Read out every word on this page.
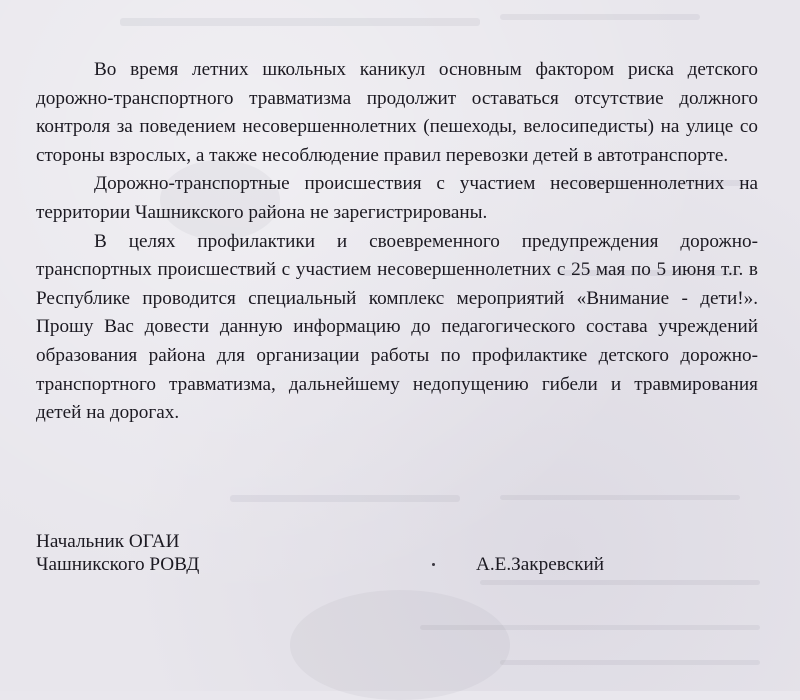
Во время летних школьных каникул основным фактором риска детского дорожно-транспортного травматизма продолжит оставаться отсутствие должного контроля за поведением несовершеннолетних (пешеходы, велосипедисты) на улице со стороны взрослых, а также несоблюдение правил перевозки детей в автотранспорте.

Дорожно-транспортные происшествия с участием несовершеннолетних на территории Чашникского района не зарегистрированы.

В целях профилактики и своевременного предупреждения дорожно-транспортных происшествий с участием несовершеннолетних с 25 мая по 5 июня т.г. в Республике проводится специальный комплекс мероприятий «Внимание - дети!». Прошу Вас довести данную информацию до педагогического состава учреждений образования района для организации работы по профилактике детского дорожно-транспортного травматизма, дальнейшему недопущению гибели и травмирования детей на дорогах.

Начальник ОГАИ
Чашникского РОВД	А.Е.Закревский
